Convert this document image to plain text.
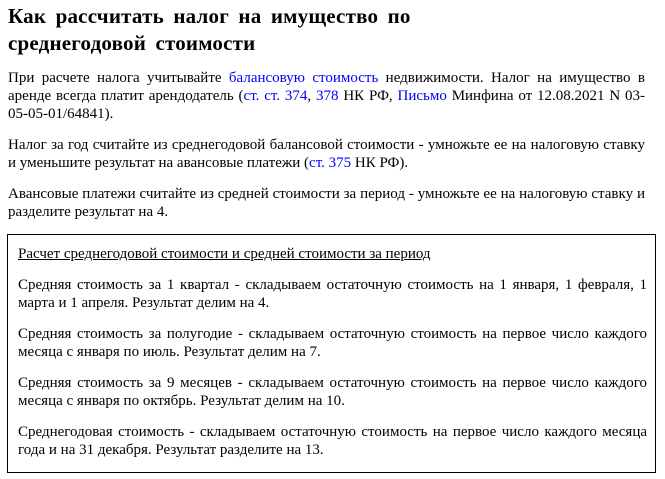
Как рассчитать налог на имущество по среднегодовой стоимости

При расчете налога учитывайте балансовую стоимость недвижимости. Налог на имущество в аренде всегда платит арендодатель (ст. ст. 374, 378 НК РФ, Письмо Минфина от 12.08.2021 N 03-05-05-01/64841).

Налог за год считайте из среднегодовой балансовой стоимости - умножьте ее на налоговую ставку и уменьшите результат на авансовые платежи (ст. 375 НК РФ).

Авансовые платежи считайте из средней стоимости за период - умножьте ее на налоговую ставку и разделите результат на 4.

Расчет среднегодовой стоимости и средней стоимости за период

Средняя стоимость за 1 квартал - складываем остаточную стоимость на 1 января, 1 февраля, 1 марта и 1 апреля. Результат делим на 4.

Средняя стоимость за полугодие - складываем остаточную стоимость на первое число каждого месяца с января по июль. Результат делим на 7.

Средняя стоимость за 9 месяцев - складываем остаточную стоимость на первое число каждого месяца с января по октябрь. Результат делим на 10.

Среднегодовая стоимость - складываем остаточную стоимость на первое число каждого месяца года и на 31 декабря. Результат разделите на 13.
